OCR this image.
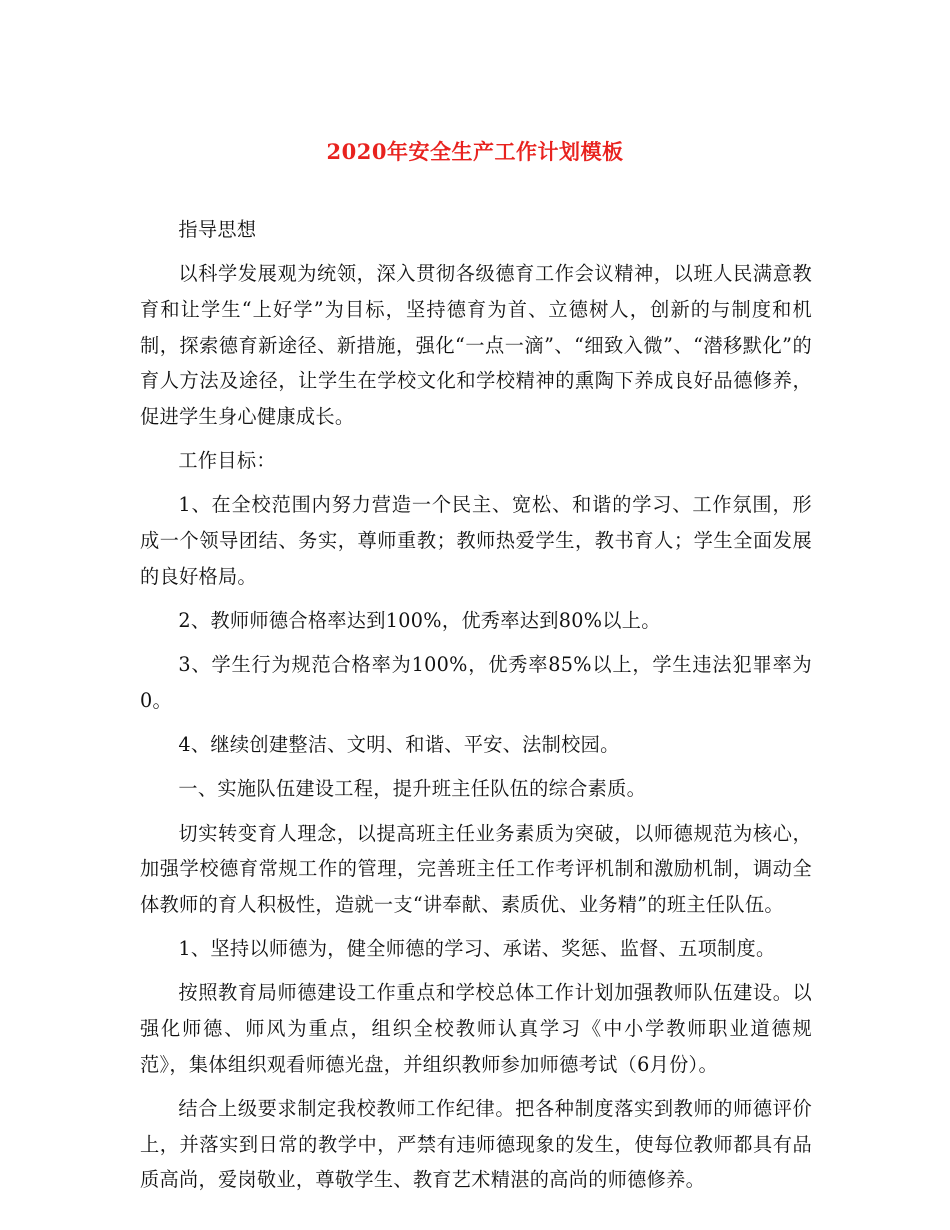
2020年安全生产工作计划模板

指导思想

以科学发展观为统领，深入贯彻各级德育工作会议精神，以班人民满意教育和让学生“上好学”为目标，坚持德育为首、立德树人，创新的与制度和机制，探索德育新途径、新措施，强化“一点一滴”、“细致入微”、“潜移默化”的育人方法及途径，让学生在学校文化和学校精神的熏陶下养成良好品德修养，促进学生身心健康成长。

工作目标：

1、在全校范围内努力营造一个民主、宽松、和谐的学习、工作氛围，形成一个领导团结、务实，尊师重教；教师热爱学生，教书育人；学生全面发展的良好格局。

2、教师师德合格率达到100%，优秀率达到80%以上。

3、学生行为规范合格率为100%，优秀率85%以上，学生违法犯罪率为0。

4、继续创建整洁、文明、和谐、平安、法制校园。

一、实施队伍建设工程，提升班主任队伍的综合素质。

切实转变育人理念，以提高班主任业务素质为突破，以师德规范为核心，加强学校德育常规工作的管理，完善班主任工作考评机制和激励机制，调动全体教师的育人积极性，造就一支“讲奉献、素质优、业务精”的班主任队伍。

1、坚持以师德为，健全师德的学习、承诺、奖惩、监督、五项制度。

按照教育局师德建设工作重点和学校总体工作计划加强教师队伍建设。以强化师德、师风为重点，组织全校教师认真学习《中小学教师职业道德规范》，集体组织观看师德光盘，并组织教师参加师德考试（6月份）。

结合上级要求制定我校教师工作纪律。把各种制度落实到教师的师德评价上，并落实到日常的教学中，严禁有违师德现象的发生，使每位教师都具有品质高尚，爱岗敬业，尊敬学生、教育艺术精湛的高尚的师德修养。
